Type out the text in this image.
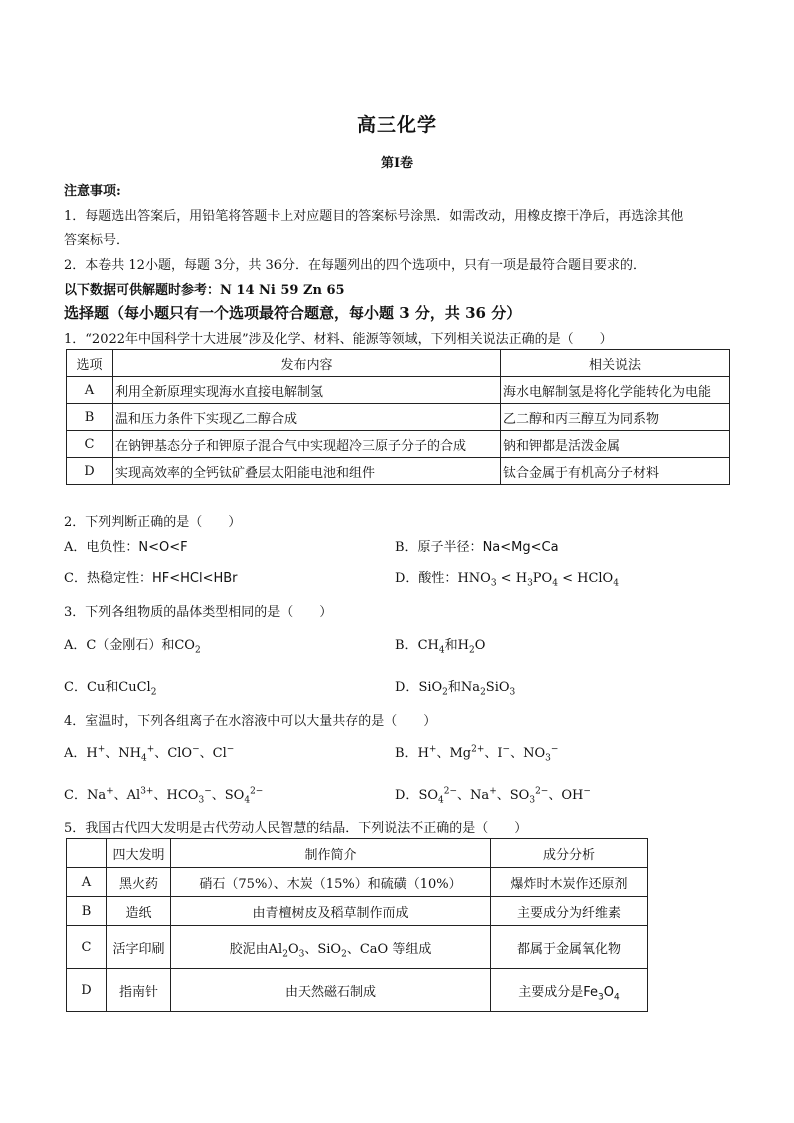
高三化学
第Ⅰ卷
注意事项:
1．每题选出答案后，用铅笔将答题卡上对应题目的答案标号涂黑．如需改动，用橡皮擦干净后，再选涂其他
答案标号．
2．本卷共 12小题，每题 3分，共 36分．在每题列出的四个选项中，只有一项是最符合题目要求的．
以下数据可供解题时参考：N 14 Ni 59 Zn 65
选择题（每小题只有一个选项最符合题意，每小题 3 分，共 36 分）
1．“2022年中国科学十大进展”涉及化学、材料、能源等领域，下列相关说法正确的是（　　）
选项	发布内容	相关说法
A	利用全新原理实现海水直接电解制氢	海水电解制氢是将化学能转化为电能
B	温和压力条件下实现乙二醇合成	乙二醇和丙三醇互为同系物
C	在钠钾基态分子和钾原子混合气中实现超冷三原子分子的合成	钠和钾都是活泼金属
D	实现高效率的全钙钛矿叠层太阳能电池和组件	钛合金属于有机高分子材料
2．下列判断正确的是（　　）
A．电负性：N<O<F	B．原子半径：Na<Mg<Ca
C．热稳定性：HF<HCl<HBr	D．酸性：$HNO_3 < H_3PO_4$ < HClO$_4$
3．下列各组物质的晶体类型相同的是（　　）
A．C（金刚石）和$CO_2$	B．$CH_4$和$H_2O$
C．Cu和CuCl$_2$	D．SiO$_2$和$Na_2SiO_3$
4．室温时，下列各组离子在水溶液中可以大量共存的是（　　）
A．H+、$NH_4^+$、ClO−、Cl−	B．H+、$Mg^{2+}$、I−、$NO_3^-$
C．Na+、$Al^{3+}$、$HCO_3^-$、$SO_4^{2-}$	D．$SO_4^{2-}$、Na+、$SO_3^{2-}$、OH−
5．我国古代四大发明是古代劳动人民智慧的结晶．下列说法不正确的是（　　）
	四大发明	制作简介	成分分析
A	黑火药	硝石（75%）、木炭（15%）和硫磺（10%）	爆炸时木炭作还原剂
B	造纸	由青檀树皮及稻草制作而成	主要成分为纤维素
C	活字印刷	胶泥由$Al_2O_3$、SiO$_2$、CaO 等组成	都属于金属氧化物
D	指南针	由天然磁石制成	主要成分是$Fe_3O_4$
